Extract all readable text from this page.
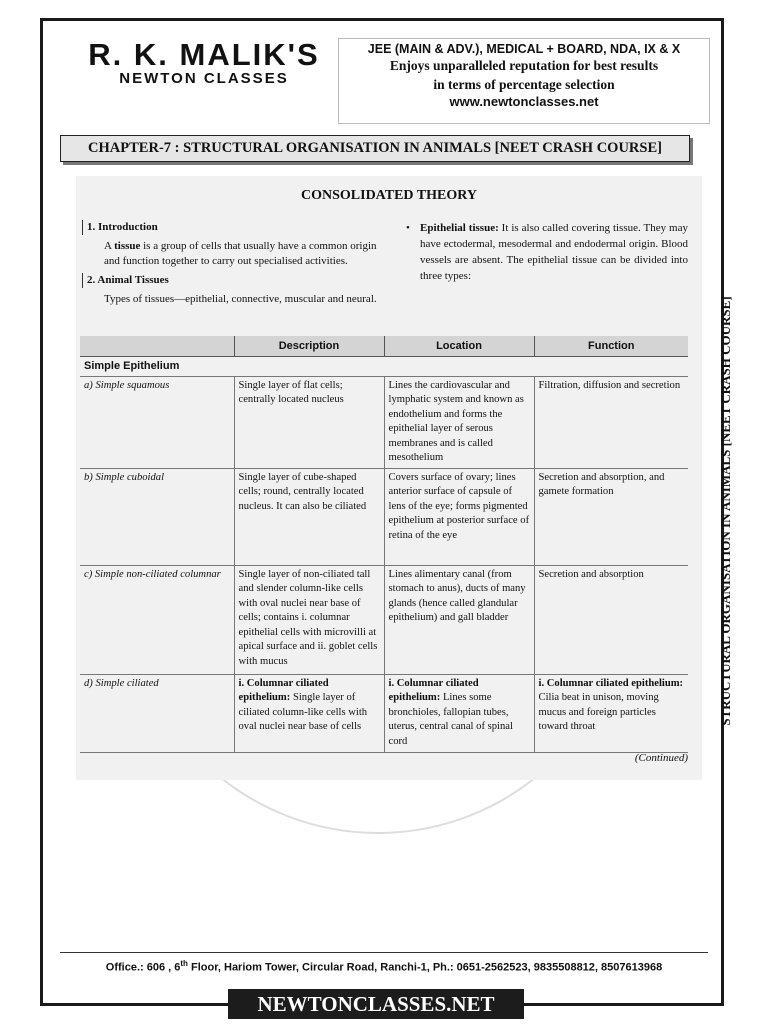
R. K. MALIK'S
NEWTON CLASSES
JEE (MAIN & ADV.), MEDICAL + BOARD, NDA, IX & X
Enjoys unparalleled reputation for best results
in terms of percentage selection
www.newtonclasses.net
CHAPTER-7 : STRUCTURAL ORGANISATION IN ANIMALS [NEET CRASH COURSE]
CONSOLIDATED THEORY
1. Introduction
A tissue is a group of cells that usually have a common origin and function together to carry out specialised activities.
2. Animal Tissues
Types of tissues—epithelial, connective, muscular and neural.
• Epithelial tissue: It is also called covering tissue. They may have ectodermal, mesodermal and endodermal origin. Blood vessels are absent. The epithelial tissue can be divided into three types:
	Description	Location	Function
Simple Epithelium			
a) Simple squamous	Single layer of flat cells; centrally located nucleus	Lines the cardiovascular and lymphatic system and known as endothelium and forms the epithelial layer of serous membranes and is called mesothelium	Filtration, diffusion and secretion
b) Simple cuboidal	Single layer of cube-shaped cells; round, centrally located nucleus. It can also be ciliated	Covers surface of ovary; lines anterior surface of capsule of lens of the eye; forms pigmented epithelium at posterior surface of retina of the eye	Secretion and absorption, and gamete formation
c) Simple non-ciliated columnar	Single layer of non-ciliated tall and slender column-like cells with oval nuclei near base of cells; contains i. columnar epithelial cells with microvilli at apical surface and ii. goblet cells with mucus	Lines alimentary canal (from stomach to anus), ducts of many glands (hence called glandular epithelium) and gall bladder	Secretion and absorption
d) Simple ciliated	i. Columnar ciliated epithelium: Single layer of ciliated column-like cells with oval nuclei near base of cells	i. Columnar ciliated epithelium: Lines some bronchioles, fallopian tubes, uterus, central canal of spinal cord	i. Columnar ciliated epithelium: Cilia beat in unison, moving mucus and foreign particles toward throat
(Continued)
STRUCTURAL ORGANISATION IN ANIMALS [NEET CRASH COURSE]
Office.: 606 , 6th Floor, Hariom Tower, Circular Road, Ranchi-1, Ph.: 0651-2562523, 9835508812, 8507613968
NEWTONCLASSES.NET
